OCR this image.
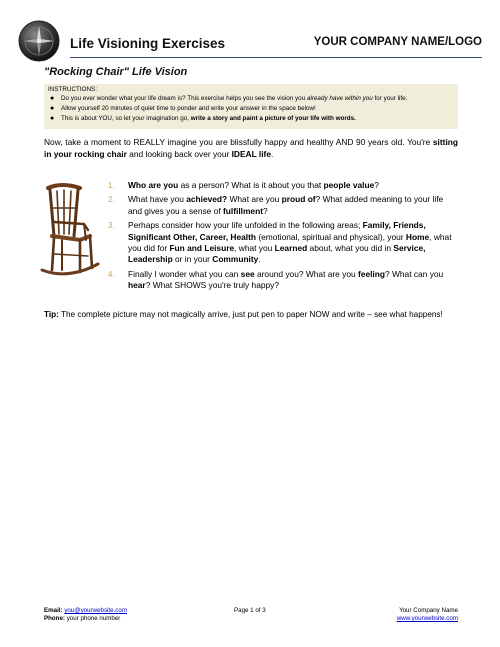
Life Visioning Exercises	YOUR COMPANY NAME/LOGO
"Rocking Chair" Life Vision
INSTRUCTIONS:
● Do you ever wonder what your life dream is? This exercise helps you see the vision you already have within you for your life.
● Allow yourself 20 minutes of quiet time to ponder and write your answer in the space below!
● This is about YOU, so let your imagination go, write a story and paint a picture of your life with words.
Now, take a moment to REALLY imagine you are blissfully happy and healthy AND 90 years old. You're sitting in your rocking chair and looking back over your IDEAL life.
1. Who are you as a person? What is it about you that people value?
2. What have you achieved? What are you proud of? What added meaning to your life and gives you a sense of fulfillment?
3. Perhaps consider how your life unfolded in the following areas; Family, Friends, Significant Other, Career, Health (emotional, spiritual and physical), your Home, what you did for Fun and Leisure, what you Learned about, what you did in Service, Leadership or in your Community.
4. Finally I wonder what you can see around you? What are you feeling? What can you hear? What SHOWS you're truly happy?
Tip: The complete picture may not magically arrive, just put pen to paper NOW and write – see what happens!
Email: you@yourwebsite.com
Phone: your phone number
Page 1 of 3	Your Company Name
www.yourwebsite.com
